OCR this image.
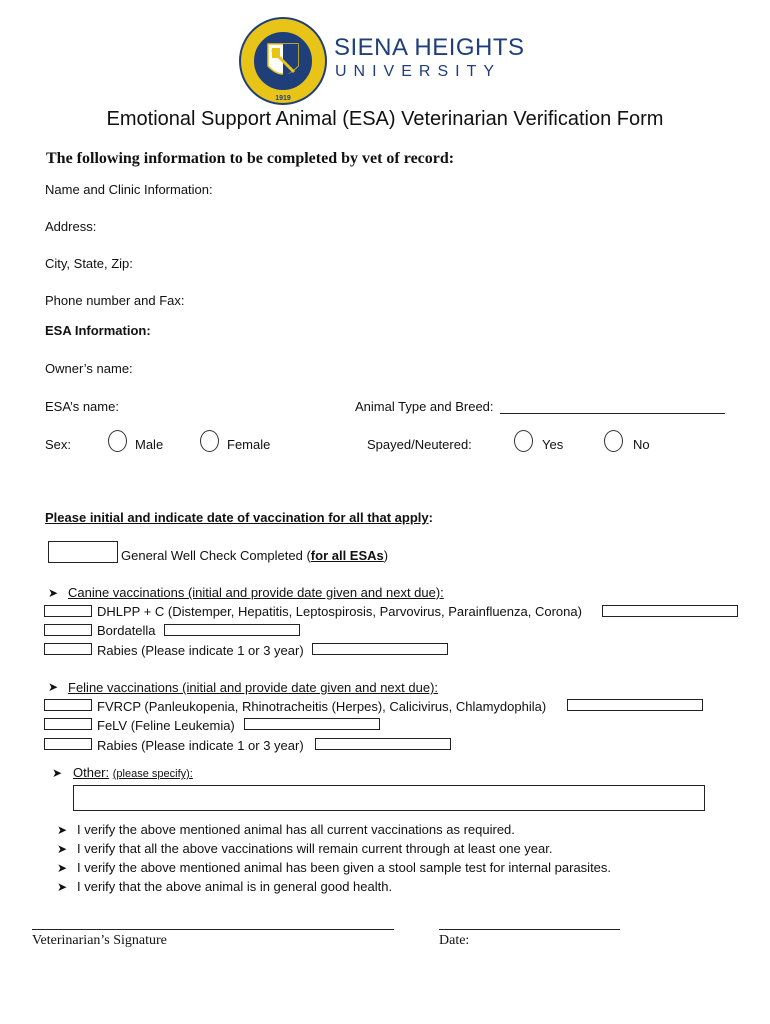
1919
SIENA HEIGHTS
UNIVERSITY
Emotional Support Animal (ESA) Veterinarian Verification Form
The following information to be completed by vet of record:
Name and Clinic Information:
Address:
City, State, Zip:
Phone number and Fax:
ESA Information:
Owner’s name:
ESA’s name:	Animal Type and Breed:
Sex:	Male	Female	Spayed/Neutered:	Yes	No
Please initial and indicate date of vaccination for all that apply:
General Well Check Completed (for all ESAs)
➤ Canine vaccinations (initial and provide date given and next due):
DHLPP + C (Distemper, Hepatitis, Leptospirosis, Parvovirus, Parainfluenza, Corona)
Bordatella
Rabies (Please indicate 1 or 3 year)
➤ Feline vaccinations (initial and provide date given and next due):
FVRCP (Panleukopenia, Rhinotracheitis (Herpes), Calicivirus, Chlamydophila)
FeLV (Feline Leukemia)
Rabies (Please indicate 1 or 3 year)
➤ Other: (please specify):
➤ I verify the above mentioned animal has all current vaccinations as required.
➤ I verify that all the above vaccinations will remain current through at least one year.
➤ I verify the above mentioned animal has been given a stool sample test for internal parasites.
➤ I verify that the above animal is in general good health.
Veterinarian’s Signature	Date:
